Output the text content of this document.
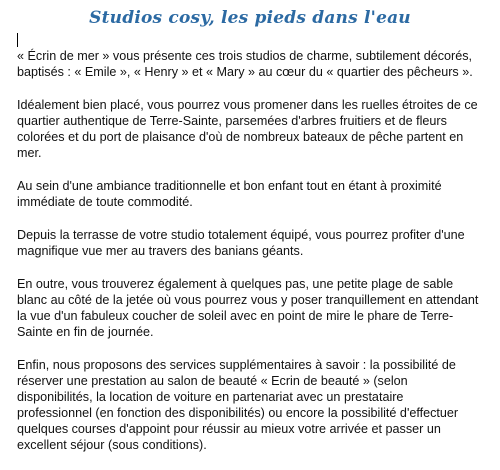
Studios cosy, les pieds dans l'eau

« Écrin de mer » vous présente ces trois studios de charme, subtilement décorés, baptisés : « Emile », « Henry » et « Mary » au cœur du « quartier des pêcheurs ».

Idéalement bien placé, vous pourrez vous promener dans les ruelles étroites de ce quartier authentique de Terre-Sainte, parsemées d'arbres fruitiers et de fleurs colorées et du port de plaisance d'où de nombreux bateaux de pêche partent en mer.

Au sein d'une ambiance traditionnelle et bon enfant tout en étant à proximité immédiate de toute commodité.

Depuis la terrasse de votre studio totalement équipé, vous pourrez profiter d'une magnifique vue mer au travers des banians géants.

En outre, vous trouverez également à quelques pas, une petite plage de sable blanc au côté de la jetée où vous pourrez vous y poser tranquillement en attendant la vue d'un fabuleux coucher de soleil avec en point de mire le phare de Terre-Sainte en fin de journée.

Enfin, nous proposons des services supplémentaires à savoir : la possibilité de réserver une prestation au salon de beauté « Ecrin de beauté » (selon disponibilités, la location de voiture en partenariat avec un prestataire professionnel (en fonction des disponibilités) ou encore la possibilité d'effectuer quelques courses d'appoint pour réussir au mieux votre arrivée et passer un excellent séjour (sous conditions).
